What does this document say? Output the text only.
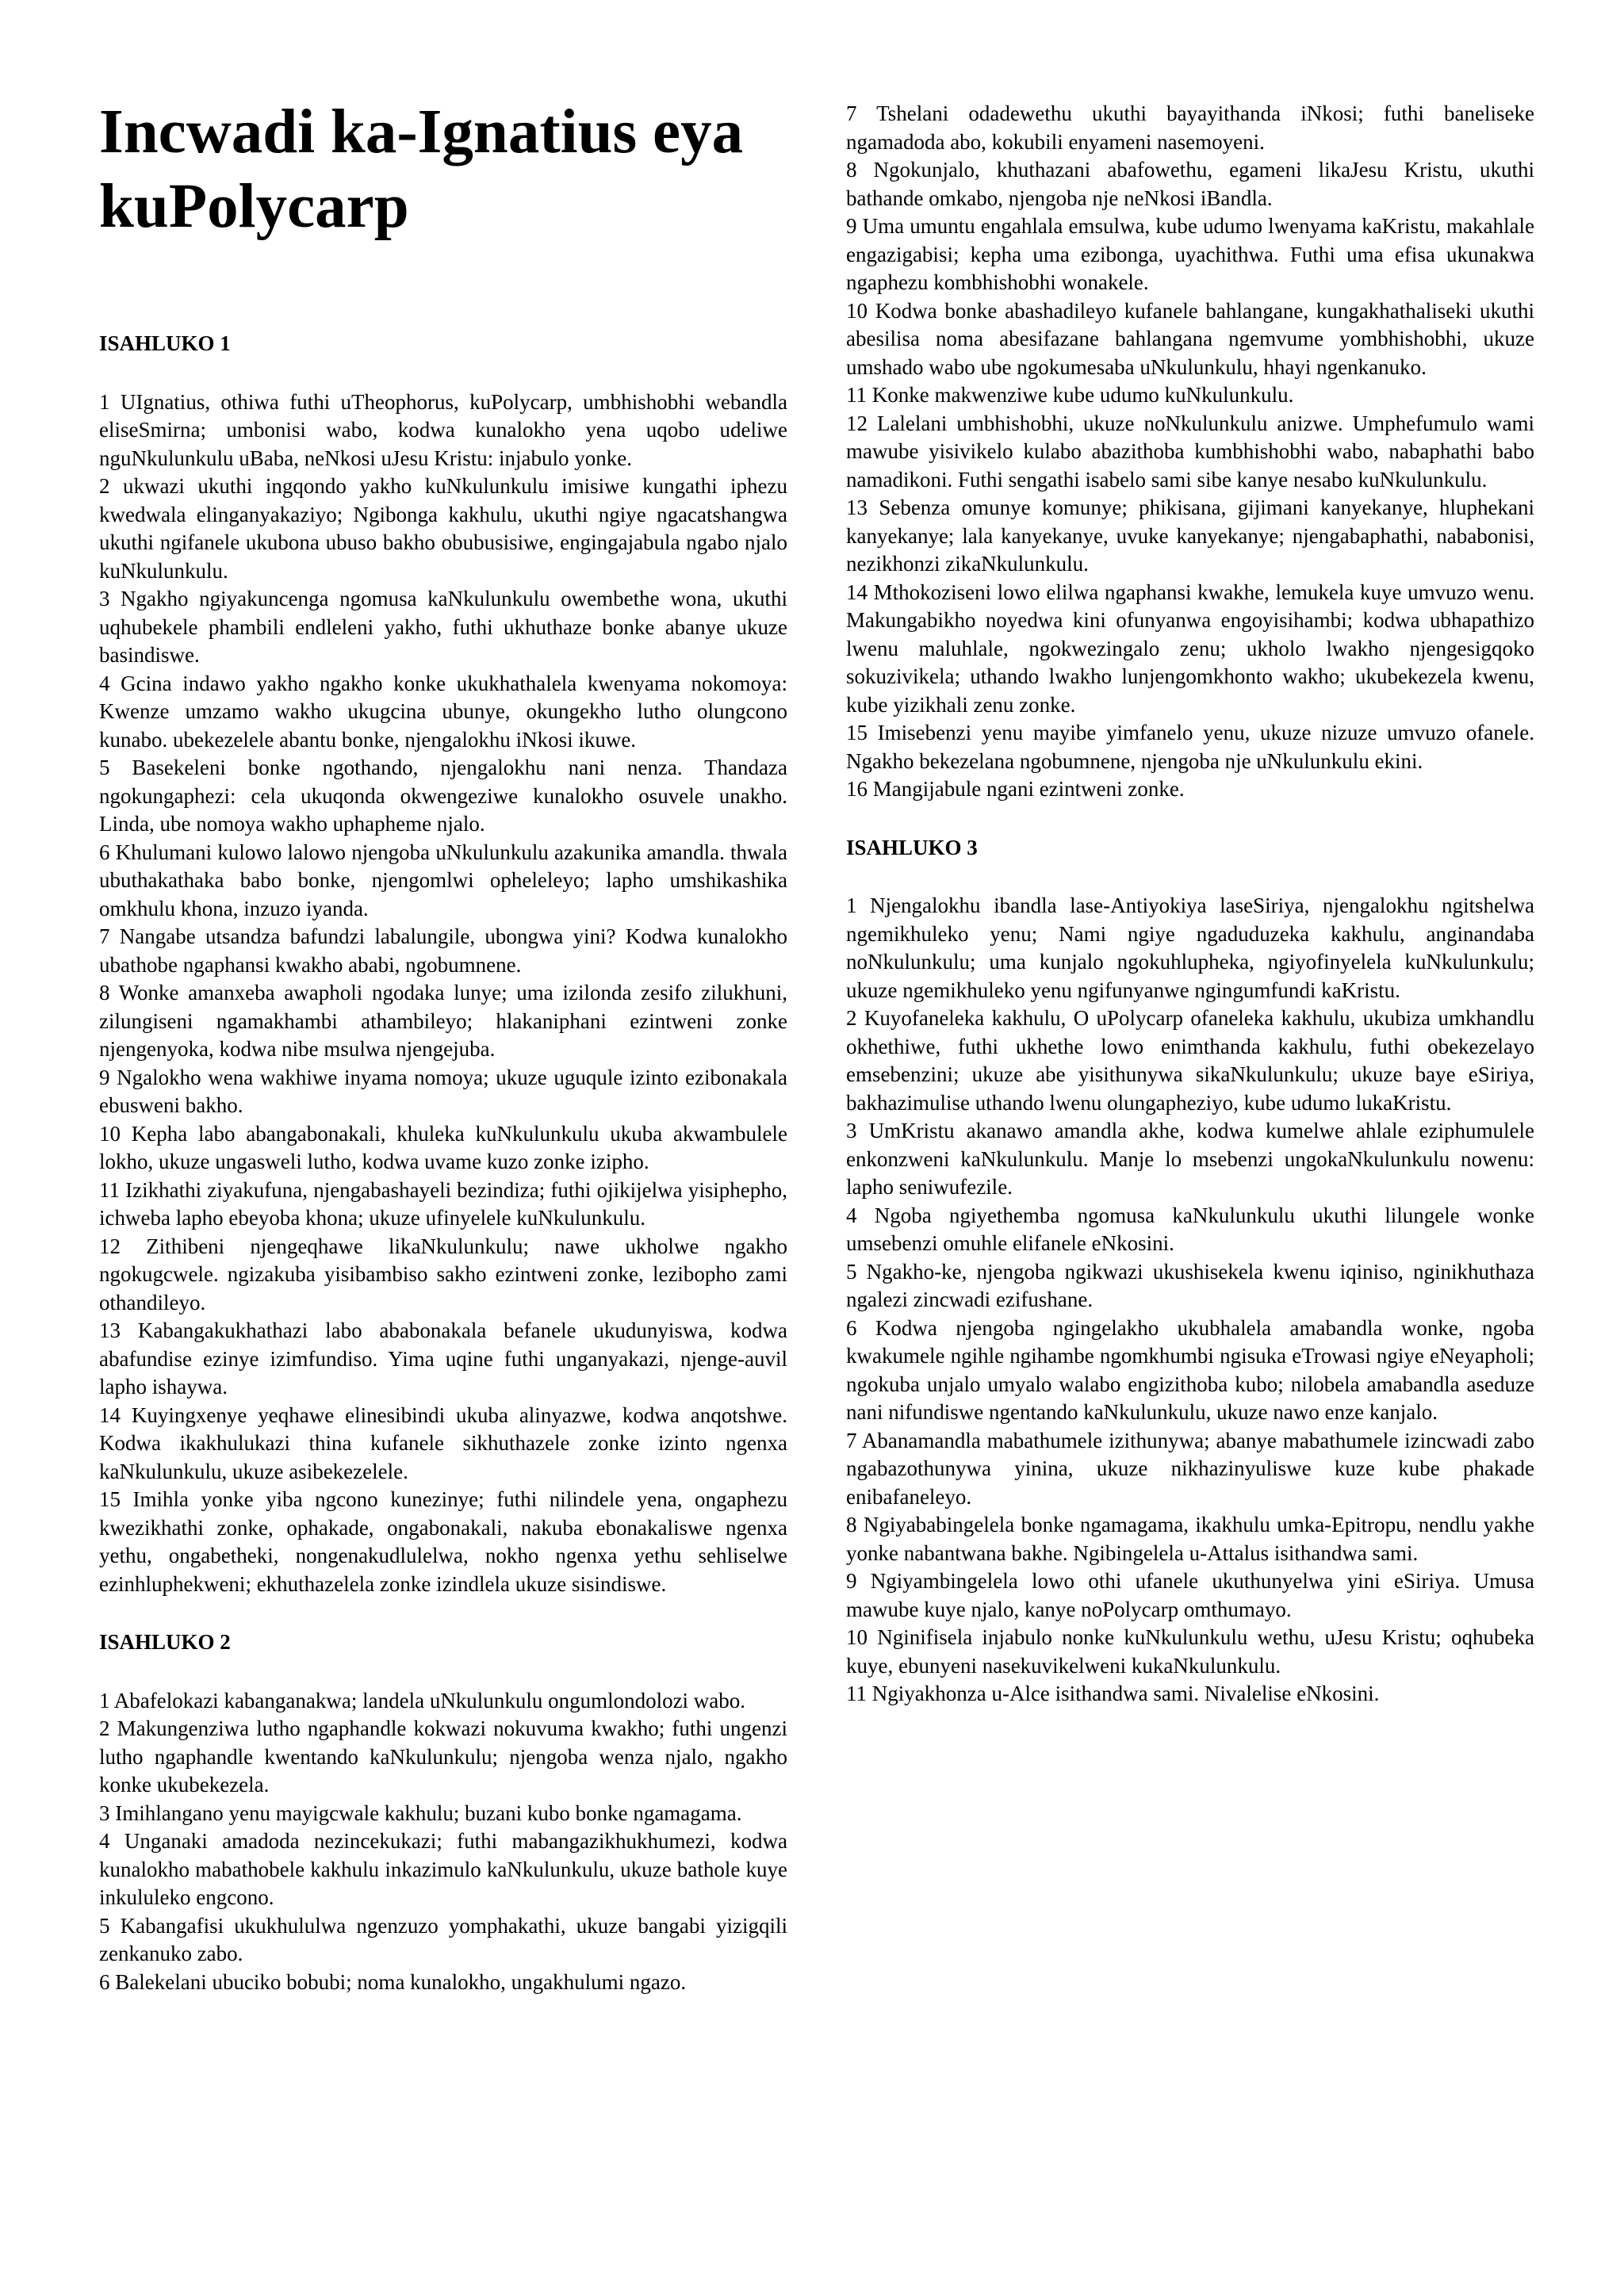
Incwadi ka-Ignatius eya kuPolycarp
ISAHLUKO 1

1 UIgnatius, othiwa futhi uTheophorus, kuPolycarp, umbhishobhi webandla eliseSmirna; umbonisi wabo, kodwa kunalokho yena uqobo udeliwe nguNkulunkulu uBaba, neNkosi uJesu Kristu: injabulo yonke.

2 ukwazi ukuthi ingqondo yakho kuNkulunkulu imisiwe kungathi iphezu kwedwala elinganyakaziyo; Ngibonga kakhulu, ukuthi ngiye ngacatshangwa ukuthi ngifanele ukubona ubuso bakho obubusisiwe, engingajabula ngabo njalo kuNkulunkulu.

3 Ngakho ngiyakuncenga ngomusa kaNkulunkulu owembethe wona, ukuthi uqhubekele phambili endleleni yakho, futhi ukhuthaze bonke abanye ukuze basindiswe.

4 Gcina indawo yakho ngakho konke ukukhathalela kwenyama nokomoya: Kwenze umzamo wakho ukugcina ubunye, okungekho lutho olungcono kunabo. ubekezelele abantu bonke, njengalokhu iNkosi ikuwe.

5 Basekeleni bonke ngothando, njengalokhu nani nenza. Thandaza ngokungaphezi: cela ukuqonda okwengeziwe kunalokho osuvele unakho. Linda, ube nomoya wakho uphapheme njalo.

6 Khulumani kulowo lalowo njengoba uNkulunkulu azakunika amandla. thwala ubuthakathaka babo bonke, njengomlwi opheleleyo; lapho umshikashika omkhulu khona, inzuzo iyanda.

7 Nangabe utsandza bafundzi labalungile, ubongwa yini? Kodwa kunalokho ubathobe ngaphansi kwakho ababi, ngobumnene.

8 Wonke amanxeba awapholi ngodaka lunye; uma izilonda zesifo zilukhuni, zilungiseni ngamakhambi athambileyo; hlakaniphani ezintweni zonke njengenyoka, kodwa nibe msulwa njengejuba.

9 Ngalokho wena wakhiwe inyama nomoya; ukuze uguqule izinto ezibonakala ebusweni bakho.

10 Kepha labo abangabonakali, khuleka kuNkulunkulu ukuba akwambulele lokho, ukuze ungasweli lutho, kodwa uvame kuzo zonke izipho.

11 Izikhathi ziyakufuna, njengabashayeli bezindiza; futhi ojikijelwa yisiphepho, ichweba lapho ebeyoba khona; ukuze ufinyelele kuNkulunkulu.

12 Zithibeni njengeqhawe likaNkulunkulu; nawe ukholwe ngakho ngokugcwele. ngizakuba yisibambiso sakho ezintweni zonke, lezibopho zami othandileyo.

13 Kabangakukhathazi labo ababonakala befanele ukudunyiswa, kodwa abafundise ezinye izimfundiso. Yima uqine futhi unganyakazi, njenge-auvil lapho ishaywa.

14 Kuyingxenye yeqhawe elinesibindi ukuba alinyazwe, kodwa anqotshwe. Kodwa ikakhulukazi thina kufanele sikhuthazele zonke izinto ngenxa kaNkulunkulu, ukuze asibekezelele.

15 Imihla yonke yiba ngcono kunezinye; futhi nilindele yena, ongaphezu kwezikhathi zonke, ophakade, ongabonakali, nakuba ebonakaliswe ngenxa yethu, ongabetheki, nongenakudlulelwa, nokho ngenxa yethu sehliselwe ezinhluphekweni; ekhuthazelela zonke izindlela ukuze sisindiswe.

ISAHLUKO 2

1 Abafelokazi kabanganakwa; landela uNkulunkulu ongumlondolozi wabo.

2 Makungenziwa lutho ngaphandle kokwazi nokuvuma kwakho; futhi ungenzi lutho ngaphandle kwentando kaNkulunkulu; njengoba wenza njalo, ngakho konke ukubekezela.

3 Imihlangano yenu mayigcwale kakhulu; buzani kubo bonke ngamagama.

4 Unganaki amadoda nezincekukazi; futhi mabangazikhukhumezi, kodwa kunalokho mabathobele kakhulu inkazimulo kaNkulunkulu, ukuze bathole kuye inkululeko engcono.

5 Kabangafisi ukukhululwa ngenzuzo yomphakathi, ukuze bangabi yizigqili zenkanuko zabo.

6 Balekelani ubuciko bobubi; noma kunalokho, ungakhulumi ngazo.

7 Tshelani odadewethu ukuthi bayayithanda iNkosi; futhi baneliseke ngamadoda abo, kokubili enyameni nasemoyeni.

8 Ngokunjalo, khuthazani abafowethu, egameni likaJesu Kristu, ukuthi bathande omkabo, njengoba nje neNkosi iBandla.

9 Uma umuntu engahlala emsulwa, kube udumo lwenyama kaKristu, makahlale engazigabisi; kepha uma ezibonga, uyachithwa. Futhi uma efisa ukunakwa ngaphezu kombhishobhi wonakele.

10 Kodwa bonke abashadileyo kufanele bahlangane, kungakhathaliseki ukuthi abesilisa noma abesifazane bahlangana ngemvume yombhishobhi, ukuze umshado wabo ube ngokumesaba uNkulunkulu, hhayi ngenkanuko.

11 Konke makwenziwe kube udumo kuNkulunkulu.

12 Lalelani umbhishobhi, ukuze noNkulunkulu anizwe. Umphefumulo wami mawube yisivikelo kulabo abazithoba kumbhishobhi wabo, nabaphathi babo namadikoni. Futhi sengathi isabelo sami sibe kanye nesabo kuNkulunkulu.

13 Sebenza omunye komunye; phikisana, gijimani kanyekanye, hluphekani kanyekanye; lala kanyekanye, uvuke kanyekanye; njengabaphathi, nababonisi, nezikhonzi zikaNkulunkulu.

14 Mthokoziseni lowo elilwa ngaphansi kwakhe, lemukela kuye umvuzo wenu. Makungabikho noyedwa kini ofunyanwa engoyisihambi; kodwa ubhapathizo lwenu maluhlale, ngokwezingalo zenu; ukholo lwakho njengesigqoko sokuzivikela; uthando lwakho lunjengomkhonto wakho; ukubekezela kwenu, kube yizikhali zenu zonke.

15 Imisebenzi yenu mayibe yimfanelo yenu, ukuze nizuze umvuzo ofanele. Ngakho bekezelana ngobumnene, njengoba nje uNkulunkulu ekini.

16 Mangijabule ngani ezintweni zonke.

ISAHLUKO 3

1 Njengalokhu ibandla lase-Antiyokiya laseSiriya, njengalokhu ngitshelwa ngemikhuleko yenu; Nami ngiye ngaduduzeka kakhulu, anginandaba noNkulunkulu; uma kunjalo ngokuhlupheka, ngiyofinyelela kuNkulunkulu; ukuze ngemikhuleko yenu ngifunyanwe ngingumfundi kaKristu.

2 Kuyofaneleka kakhulu, O uPolycarp ofaneleka kakhulu, ukubiza umkhandlu okhethiwe, futhi ukhethe lowo enimthanda kakhulu, futhi obekezelayo emsebenzini; ukuze abe yisithunywa sikaNkulunkulu; ukuze baye eSiriya, bakhazimulise uthando lwenu olungapheziyo, kube udumo lukaKristu.

3 UmKristu akanawo amandla akhe, kodwa kumelwe ahlale eziphumulele enkonzweni kaNkulunkulu. Manje lo msebenzi ungokaNkulunkulu nowenu: lapho seniwufezile.

4 Ngoba ngiyethemba ngomusa kaNkulunkulu ukuthi lilungele wonke umsebenzi omuhle elifanele eNkosini.

5 Ngakho-ke, njengoba ngikwazi ukushisekela kwenu iqiniso, nginikhuthaza ngalezi zincwadi ezifushane.

6 Kodwa njengoba ngingelakho ukubhalela amabandla wonke, ngoba kwakumele ngihle ngihambe ngomkhumbi ngisuka eTrowasi ngiye eNeyapholi; ngokuba unjalo umyalo walabo engizithoba kubo; nilobela amabandla aseduze nani nifundiswe ngentando kaNkulunkulu, ukuze nawo enze kanjalo.

7 Abanamandla mabathumele izithunywa; abanye mabathumele izincwadi zabo ngabazothunywa yinina, ukuze nikhazinyuliswe kuze kube phakade enibafaneleyo.

8 Ngiyababingelela bonke ngamagama, ikakhulu umka-Epitropu, nendlu yakhe yonke nabantwana bakhe. Ngibingelela u-Attalus isithandwa sami.

9 Ngiyambingelela lowo othi ufanele ukuthunyelwa yini eSiriya. Umusa mawube kuye njalo, kanye noPolycarp omthumayo.

10 Nginifisela injabulo nonke kuNkulunkulu wethu, uJesu Kristu; oqhubeka kuye, ebunyeni nasekuvikelweni kukaNkulunkulu.

11 Ngiyakhonza u-Alce isithandwa sami. Nivalelise eNkosini.
